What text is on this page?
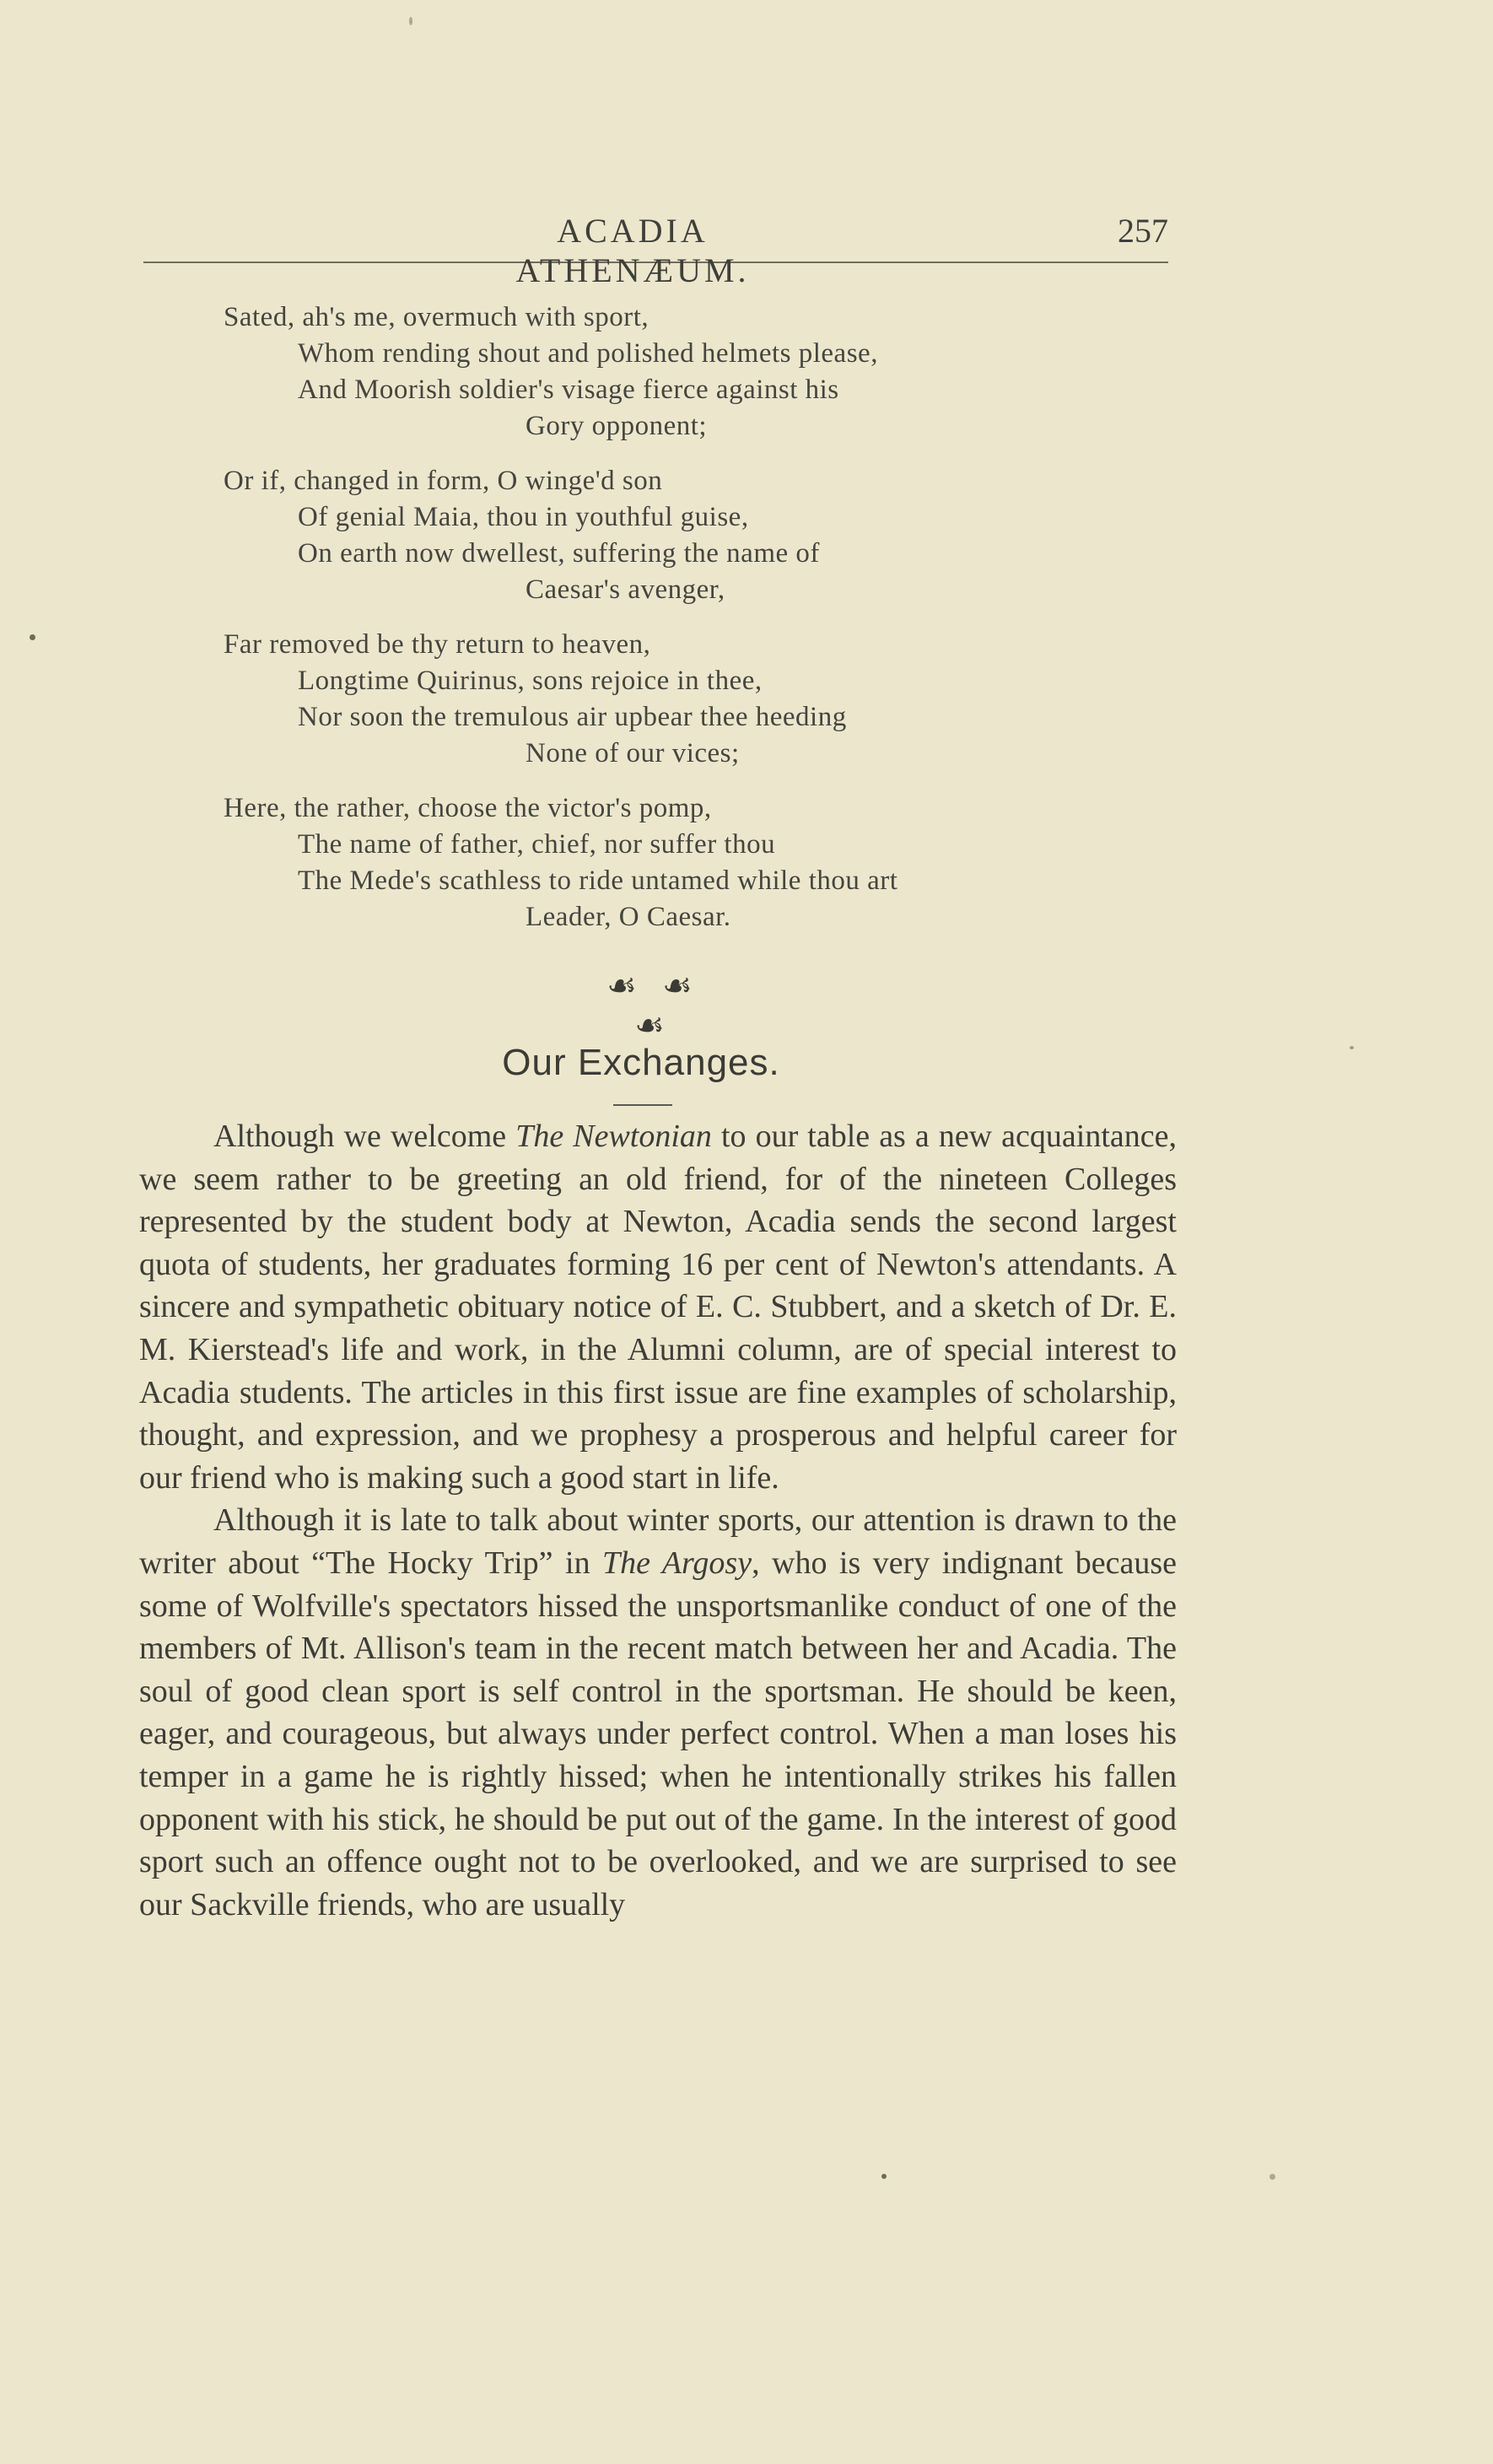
ACADIA ATHENÆUM.
257
Sated, ah's me, overmuch with sport,
Whom rending shout and polished helmets please,
And Moorish soldier's visage fierce against his
Gory opponent;
Or if, changed in form, O winge'd son
Of genial Maia, thou in youthful guise,
On earth now dwellest, suffering the name of
Caesar's avenger,
Far removed be thy return to heaven,
Longtime Quirinus, sons rejoice in thee,
Nor soon the tremulous air upbear thee heeding
None of our vices;
Here, the rather, choose the victor's pomp,
The name of father, chief, nor suffer thou
The Mede's scathless to ride untamed while thou art
Leader, O Caesar.
☙ ☙ ☙
Our Exchanges.

Although we welcome The Newtonian to our table as a new acquaintance, we seem rather to be greeting an old friend, for of the nineteen Colleges represented by the student body at Newton, Acadia sends the second largest quota of students, her graduates forming 16 per cent of Newton's attendants. A sincere and sympathetic obituary notice of E. C. Stubbert, and a sketch of Dr. E. M. Kierstead's life and work, in the Alumni column, are of special interest to Acadia students. The articles in this first issue are fine examples of scholarship, thought, and expression, and we prophesy a prosperous and helpful career for our friend who is making such a good start in life.

Although it is late to talk about winter sports, our attention is drawn to the writer about “The Hocky Trip” in The Argosy, who is very indignant because some of Wolfville's spectators hissed the unsportsmanlike conduct of one of the members of Mt. Allison's team in the recent match between her and Acadia. The soul of good clean sport is self control in the sportsman. He should be keen, eager, and courageous, but always under perfect control. When a man loses his temper in a game he is rightly hissed; when he intentionally strikes his fallen opponent with his stick, he should be put out of the game. In the interest of good sport such an offence ought not to be overlooked, and we are surprised to see our Sackville friends, who are usually
